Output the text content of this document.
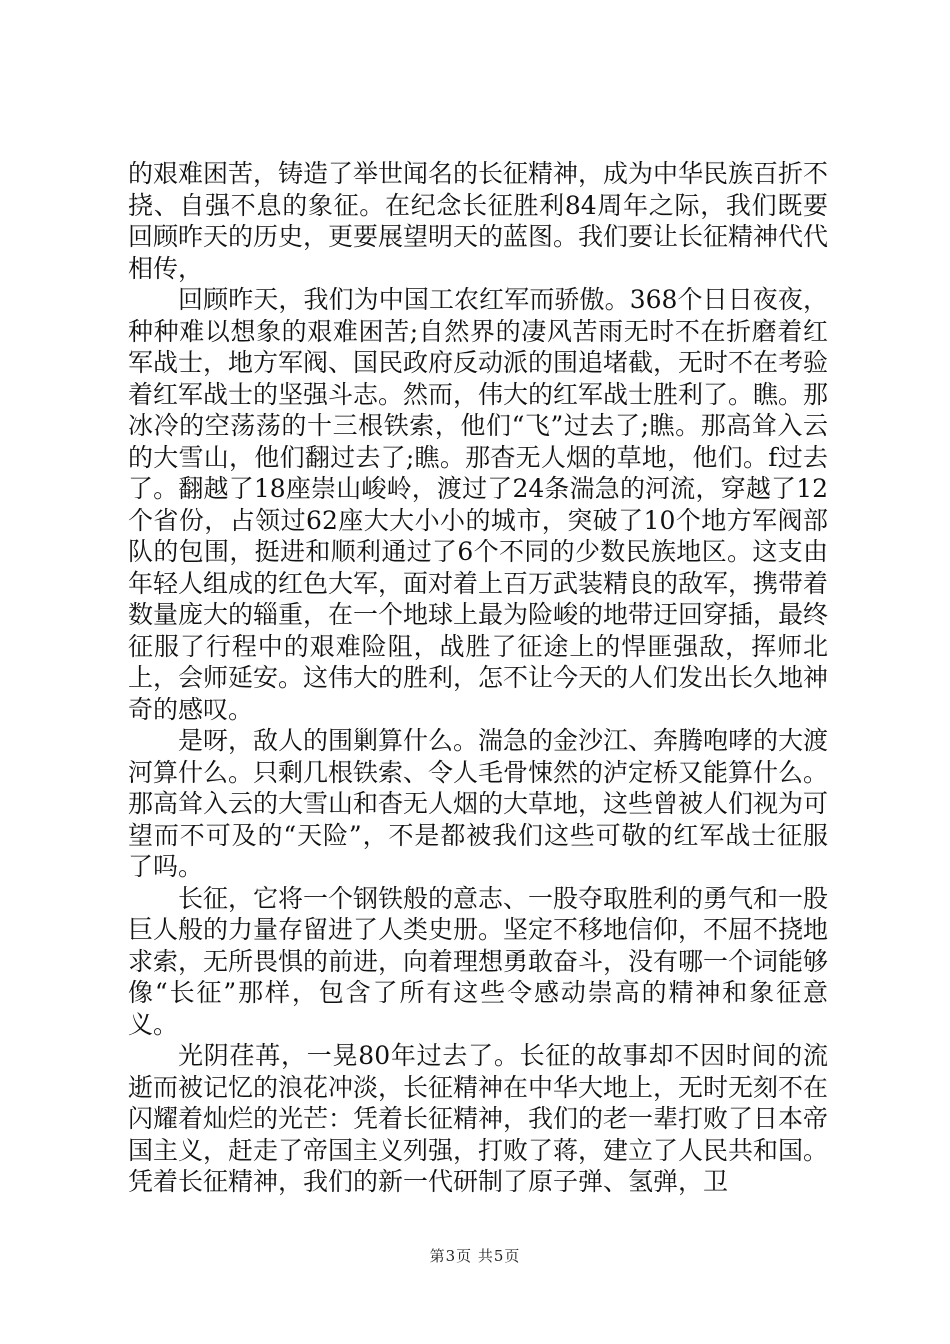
的艰难困苦，铸造了举世闻名的长征精神，成为中华民族百折不挠、自强不息的象征。在纪念长征胜利84周年之际，我们既要回顾昨天的历史，更要展望明天的蓝图。我们要让长征精神代代相传，

回顾昨天，我们为中国工农红军而骄傲。368个日日夜夜，种种难以想象的艰难困苦;自然界的凄风苦雨无时不在折磨着红军战士，地方军阀、国民政府反动派的围追堵截，无时不在考验着红军战士的坚强斗志。然而，伟大的红军战士胜利了。瞧。那冰冷的空荡荡的十三根铁索，他们“飞”过去了;瞧。那高耸入云的大雪山，他们翻过去了;瞧。那杳无人烟的草地，他们。f过去了。翻越了18座崇山峻岭，渡过了24条湍急的河流，穿越了12个省份，占领过62座大大小小的城市，突破了10个地方军阀部队的包围，挺进和顺利通过了6个不同的少数民族地区。这支由年轻人组成的红色大军，面对着上百万武装精良的敌军，携带着数量庞大的辎重，在一个地球上最为险峻的地带迂回穿插，最终征服了行程中的艰难险阻，战胜了征途上的悍匪强敌，挥师北上，会师延安。这伟大的胜利，怎不让今天的人们发出长久地神奇的感叹。

是呀，敌人的围剿算什么。湍急的金沙江、奔腾咆哮的大渡河算什么。只剩几根铁索、令人毛骨悚然的泸定桥又能算什么。那高耸入云的大雪山和杳无人烟的大草地，这些曾被人们视为可望而不可及的“天险”，不是都被我们这些可敬的红军战士征服了吗。

长征，它将一个钢铁般的意志、一股夺取胜利的勇气和一股巨人般的力量存留进了人类史册。坚定不移地信仰，不屈不挠地求索，无所畏惧的前进，向着理想勇敢奋斗，没有哪一个词能够像“长征”那样，包含了所有这些令感动崇高的精神和象征意义。

光阴荏苒，一晃80年过去了。长征的故事却不因时间的流逝而被记忆的浪花冲淡，长征精神在中华大地上，无时无刻不在闪耀着灿烂的光芒：凭着长征精神，我们的老一辈打败了日本帝国主义，赶走了帝国主义列强，打败了蒋，建立了人民共和国。凭着长征精神，我们的新一代研制了原子弹、氢弹，卫

第3页 共5页
